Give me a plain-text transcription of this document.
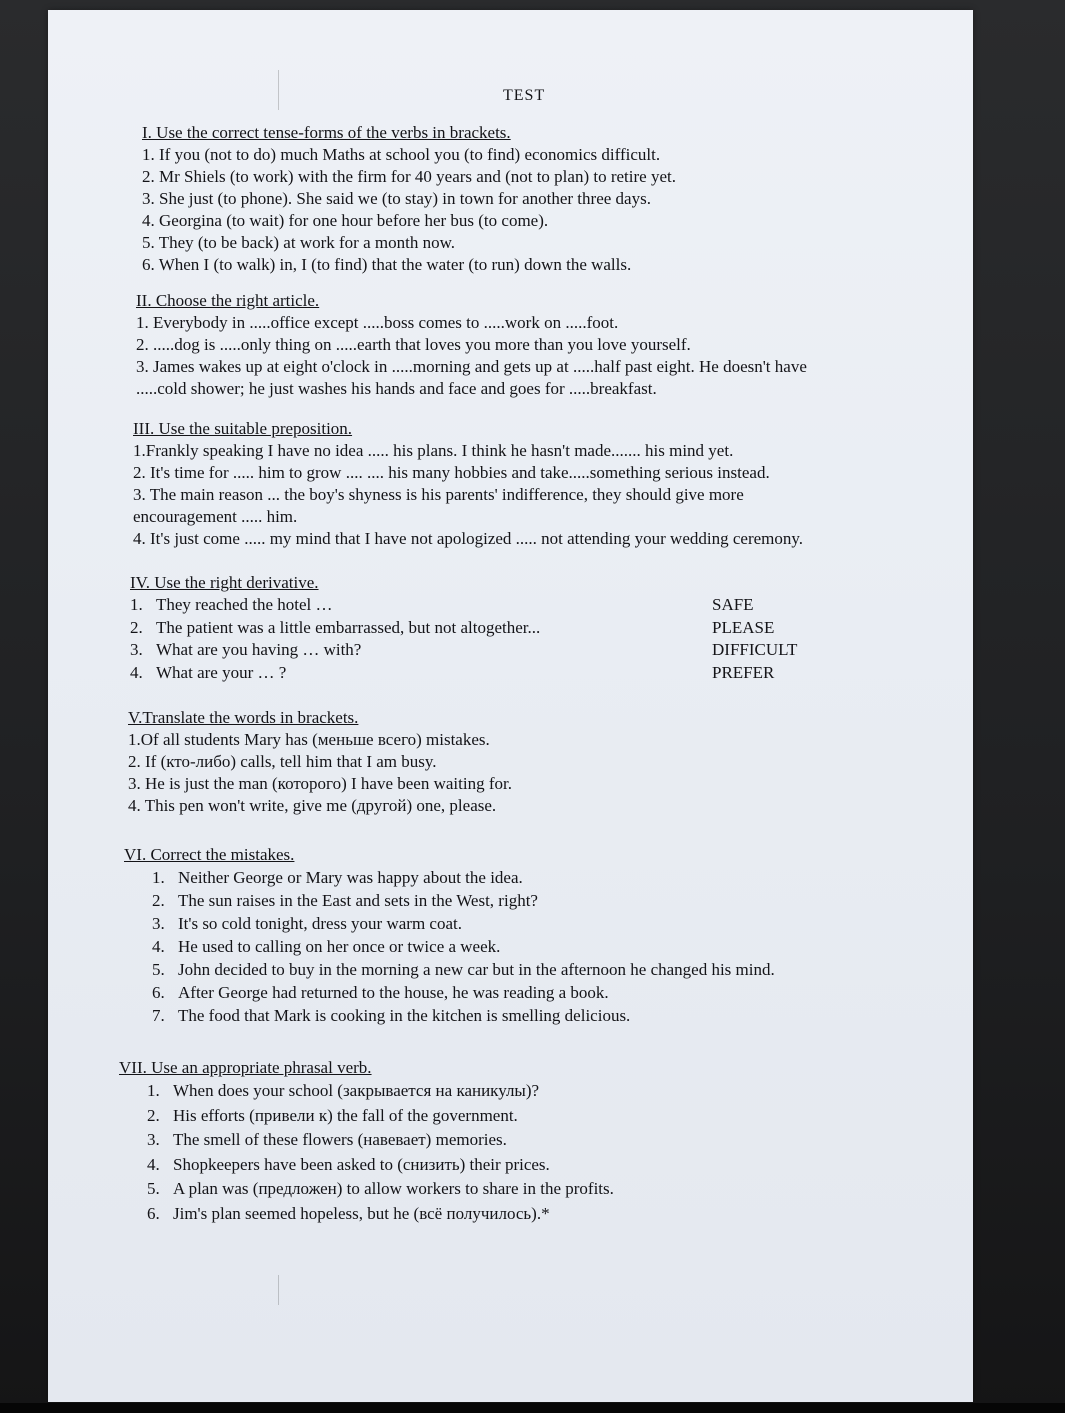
TEST
I. Use the correct tense-forms of the verbs in brackets.
1. If you (not to do) much Maths at school you (to find) economics difficult.
2. Mr Shiels (to work) with the firm for 40 years and (not to plan) to retire yet.
3. She just (to phone). She said we (to stay) in town for another three days.
4. Georgina (to wait) for one hour before her bus (to come).
5. They (to be back) at work for a month now.
6. When I (to walk) in, I (to find) that the water (to run) down the walls.
II. Choose the right article.
1. Everybody in .....office except .....boss comes to .....work on .....foot.
2. .....dog is .....only thing on .....earth that loves you more than you love yourself.
3. James wakes up at eight o'clock in .....morning and gets up at .....half past eight. He doesn't have
.....cold shower; he just washes his hands and face and goes for .....breakfast.
III. Use the suitable preposition.
1.Frankly speaking I have no idea ..... his plans. I think he hasn't made....... his mind yet.
2. It's time for ..... him to grow .... .... his many hobbies and take.....something serious instead.
3. The main reason ... the boy's shyness is his parents' indifference, they should give more
encouragement ..... him.
4. It's just come ..... my mind that I have not apologized ..... not attending your wedding ceremony.
IV. Use the right derivative.
1. They reached the hotel …	SAFE
2. The patient was a little embarrassed, but not altogether...	PLEASE
3. What are you having … with?	DIFFICULT
4. What are your … ?	PREFER
V.Translate the words in brackets.
1.Of all students Mary has (меньше всего) mistakes.
2. If (кто-либо) calls, tell him that I am busy.
3. He is just the man (которого) I have been waiting for.
4. This pen won't write, give me (другой) one, please.
VI. Correct the mistakes.
1. Neither George or Mary was happy about the idea.
2. The sun raises in the East and sets in the West, right?
3. It's so cold tonight, dress your warm coat.
4. He used to calling on her once or twice a week.
5. John decided to buy in the morning a new car but in the afternoon he changed his mind.
6. After George had returned to the house, he was reading a book.
7. The food that Mark is cooking in the kitchen is smelling delicious.
VII. Use an appropriate phrasal verb.
1. When does your school (закрывается на каникулы)?
2. His efforts (привели к) the fall of the government.
3. The smell of these flowers (навевает) memories.
4. Shopkeepers have been asked to (снизить) their prices.
5. A plan was (предложен) to allow workers to share in the profits.
6. Jim's plan seemed hopeless, but he (всё получилось).*
